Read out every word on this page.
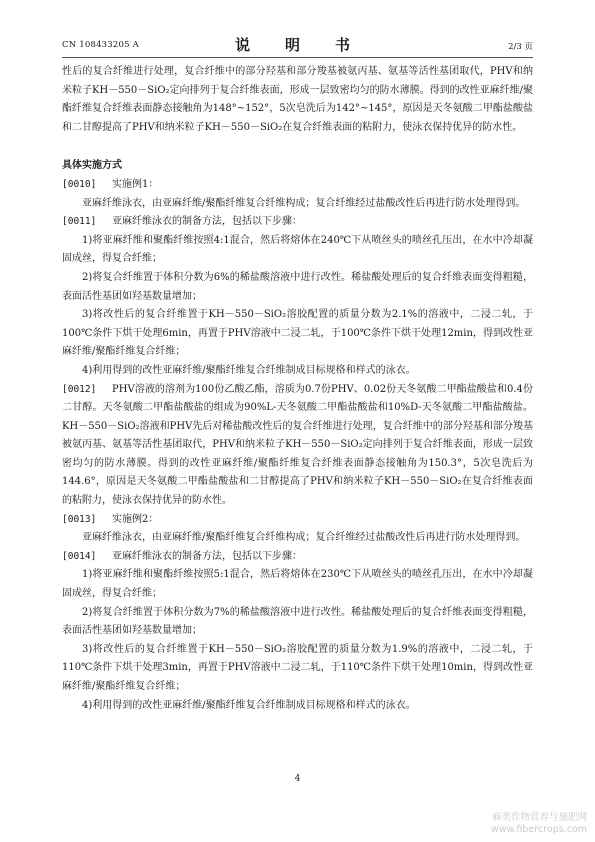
CN 108433205 A	说　明　书	2/3 页

性后的复合纤维进行处理，复合纤维中的部分羟基和部分羧基被氨丙基、氨基等活性基团取代，PHV和纳米粒子KH－550－SiO₂定向排列于复合纤维表面，形成一层致密均匀的防水薄膜。得到的改性亚麻纤维/聚酯纤维复合纤维表面静态接触角为148°~152°，5次皂洗后为142°~145°，原因是天冬氨酸二甲酯盐酸盐和二甘醇提高了PHV和纳米粒子KH－550－SiO₂在复合纤维表面的粘附力，使泳衣保持优异的防水性。

具体实施方式

[0010] 实施例1：

亚麻纤维泳衣，由亚麻纤维/聚酯纤维复合纤维构成；复合纤维经过盐酸改性后再进行防水处理得到。

[0011] 亚麻纤维泳衣的制备方法，包括以下步骤：

1)将亚麻纤维和聚酯纤维按照4:1混合，然后将熔体在240℃下从喷丝头的喷丝孔压出，在水中冷却凝固成丝，得复合纤维；

2)将复合纤维置于体积分数为6%的稀盐酸溶液中进行改性。稀盐酸处理后的复合纤维表面变得粗糙，表面活性基团如羟基数量增加；

3)将改性后的复合纤维置于KH－550－SiO₂溶胶配置的质量分数为2.1%的溶液中，二浸二轧，于100℃条件下烘干处理6min，再置于PHV溶液中二浸二轧，于100℃条件下烘干处理12min，得到改性亚麻纤维/聚酯纤维复合纤维；

4)利用得到的改性亚麻纤维/聚酯纤维复合纤维制成目标规格和样式的泳衣。

[0012] PHV溶液的溶剂为100份乙酸乙酯，溶质为0.7份PHV、0.02份天冬氨酸二甲酯盐酸盐和0.4份二甘醇。天冬氨酸二甲酯盐酸盐的组成为90%L-天冬氨酸二甲酯盐酸盐和10%D-天冬氨酸二甲酯盐酸盐。KH－550－SiO₂溶液和PHV先后对稀盐酸改性后的复合纤维进行处理，复合纤维中的部分羟基和部分羧基被氨丙基、氨基等活性基团取代，PHV和纳米粒子KH－550－SiO₂定向排列于复合纤维表面，形成一层致密均匀的防水薄膜。得到的改性亚麻纤维/聚酯纤维复合纤维表面静态接触角为150.3°，5次皂洗后为144.6°，原因是天冬氨酸二甲酯盐酸盐和二甘醇提高了PHV和纳米粒子KH－550－SiO₂在复合纤维表面的粘附力，使泳衣保持优异的防水性。

[0013] 实施例2：

亚麻纤维泳衣，由亚麻纤维/聚酯纤维复合纤维构成；复合纤维经过盐酸改性后再进行防水处理得到。

[0014] 亚麻纤维泳衣的制备方法，包括以下步骤：

1)将亚麻纤维和聚酯纤维按照5:1混合，然后将熔体在230℃下从喷丝头的喷丝孔压出，在水中冷却凝固成丝，得复合纤维；

2)将复合纤维置于体积分数为7%的稀盐酸溶液中进行改性。稀盐酸处理后的复合纤维表面变得粗糙，表面活性基团如羟基数量增加；

3)将改性后的复合纤维置于KH－550－SiO₂溶胶配置的质量分数为1.9%的溶液中，二浸二轧，于110℃条件下烘干处理3min，再置于PHV溶液中二浸二轧，于110℃条件下烘干处理10min，得到改性亚麻纤维/聚酯纤维复合纤维；

4)利用得到的改性亚麻纤维/聚酯纤维复合纤维制成目标规格和样式的泳衣。

4
麻类作物营养与施肥网
www.fibercrops.com
